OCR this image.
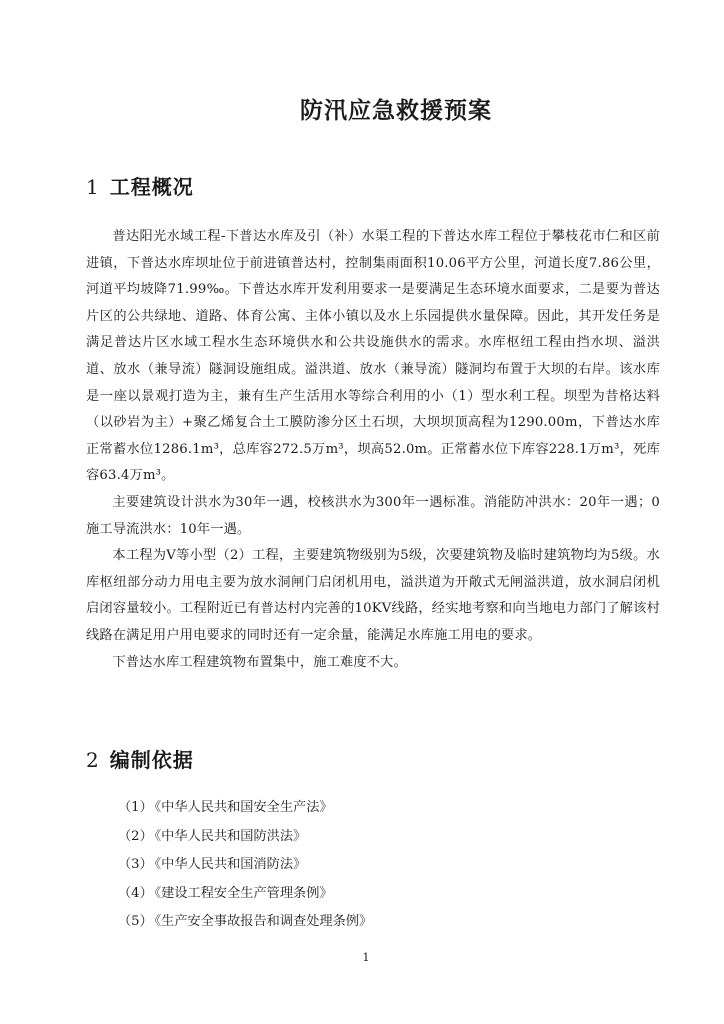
防汛应急救援预案
1 工程概况

普达阳光水域工程-下普达水库及引（补）水渠工程的下普达水库工程位于攀枝花市仁和区前进镇，下普达水库坝址位于前进镇普达村，控制集雨面积10.06平方公里，河道长度7.86公里，河道平均坡降71.99‰。下普达水库开发利用要求一是要满足生态环境水面要求，二是要为普达片区的公共绿地、道路、体育公寓、主体小镇以及水上乐园提供水量保障。因此，其开发任务是满足普达片区水域工程水生态环境供水和公共设施供水的需求。水库枢纽工程由挡水坝、溢洪道、放水（兼导流）隧洞设施组成。溢洪道、放水（兼导流）隧洞均布置于大坝的右岸。该水库是一座以景观打造为主，兼有生产生活用水等综合利用的小（1）型水利工程。坝型为昔格达料（以砂岩为主）+聚乙烯复合土工膜防渗分区土石坝，大坝坝顶高程为1290.00m，下普达水库正常蓄水位1286.1m³，总库容272.5万m³，坝高52.0m。正常蓄水位下库容228.1万m³，死库容63.4万m³。

主要建筑设计洪水为30年一遇，校核洪水为300年一遇标准。消能防冲洪水：20年一遇；0施工导流洪水：10年一遇。

本工程为Ⅴ等小型（2）工程，主要建筑物级别为5级，次要建筑物及临时建筑物均为5级。水库枢纽部分动力用电主要为放水洞闸门启闭机用电，溢洪道为开敞式无闸溢洪道，放水洞启闭机启闭容量较小。工程附近已有普达村内完善的10KV线路，经实地考察和向当地电力部门了解该村线路在满足用户用电要求的同时还有一定余量，能满足水库施工用电的要求。

下普达水库工程建筑物布置集中，施工难度不大。

2 编制依据
（1）《中华人民共和国安全生产法》
（2）《中华人民共和国防洪法》
（3）《中华人民共和国消防法》
（4）《建设工程安全生产管理条例》
（5）《生产安全事故报告和调查处理条例》
1
